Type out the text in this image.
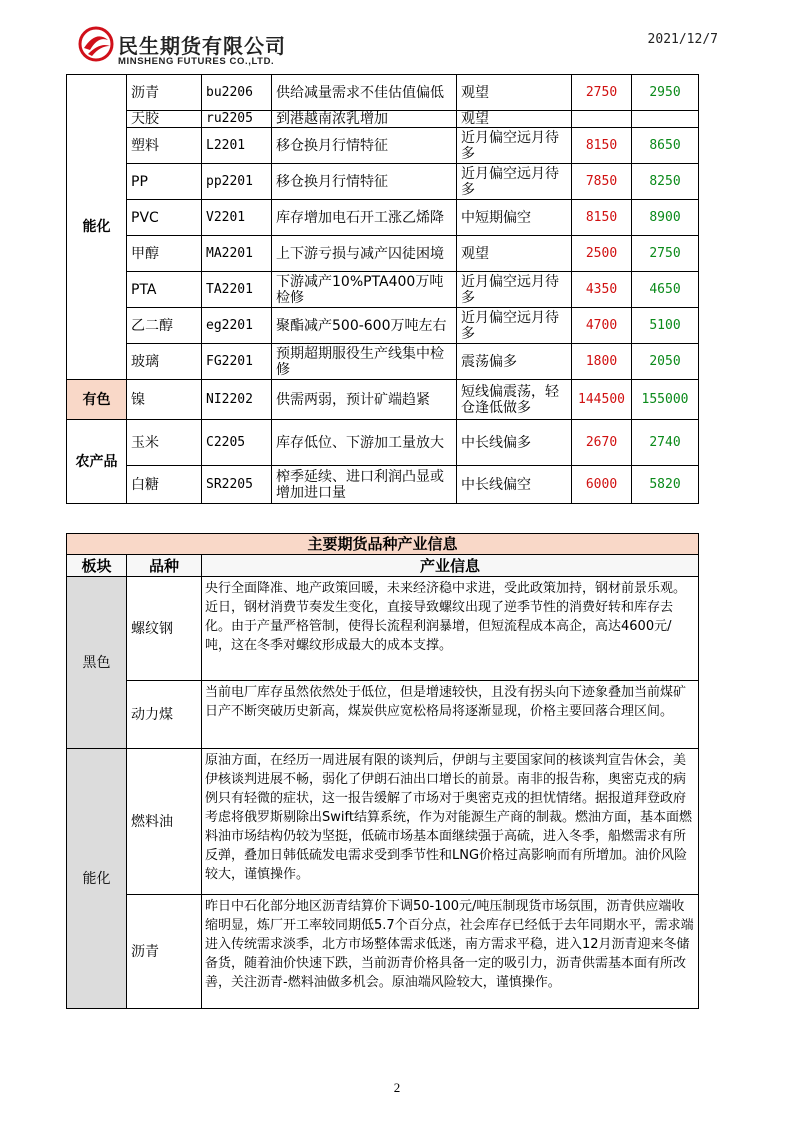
民生期货有限公司
MINSHENG FUTURES CO.,LTD.
2021/12/7
能化	沥青	bu2206	供给减量需求不佳估值偏低	观望	2750	2950
	天胶	ru2205	到港越南浓乳增加	观望		
	塑料	L2201	移仓换月行情特征	近月偏空远月待多	8150	8650
	PP	pp2201	移仓换月行情特征	近月偏空远月待多	7850	8250
	PVC	V2201	库存增加电石开工涨乙烯降	中短期偏空	8150	8900
	甲醇	MA2201	上下游亏损与减产囚徒困境	观望	2500	2750
	PTA	TA2201	下游减产10%PTA400万吨检修	近月偏空远月待多	4350	4650
	乙二醇	eg2201	聚酯减产500-600万吨左右	近月偏空远月待多	4700	5100
	玻璃	FG2201	预期超期服役生产线集中检修	震荡偏多	1800	2050
有色	镍	NI2202	供需两弱，预计矿端趋紧	短线偏震荡，轻仓逢低做多	144500	155000
农产品	玉米	C2205	库存低位、下游加工量放大	中长线偏多	2670	2740
	白糖	SR2205	榨季延续、进口利润凸显或增加进口量	中长线偏空	6000	5820
主要期货品种产业信息		
板块	品种	产业信息
黑色	螺纹钢	央行全面降准、地产政策回暖，未来经济稳中求进，受此政策加持，钢材前景乐观。近日，钢材消费节奏发生变化，直接导致螺纹出现了逆季节性的消费好转和库存去化。由于产量严格管制，使得长流程利润暴增，但短流程成本高企，高达4600元/吨，这在冬季对螺纹形成最大的成本支撑。
	动力煤	当前电厂库存虽然依然处于低位，但是增速较快，且没有拐头向下迹象叠加当前煤矿日产不断突破历史新高，煤炭供应宽松格局将逐渐显现，价格主要回落合理区间。
能化	燃料油	原油方面，在经历一周进展有限的谈判后，伊朗与主要国家间的核谈判宣告休会，美伊核谈判进展不畅，弱化了伊朗石油出口增长的前景。南非的报告称，奥密克戎的病例只有轻微的症状，这一报告缓解了市场对于奥密克戎的担忧情绪。据报道拜登政府考虑将俄罗斯剔除出Swift结算系统，作为对能源生产商的制裁。燃油方面，基本面燃料油市场结构仍较为坚挺，低硫市场基本面继续强于高硫，进入冬季，船燃需求有所反弹，叠加日韩低硫发电需求受到季节性和LNG价格过高影响而有所增加。油价风险较大，谨慎操作。
	沥青	昨日中石化部分地区沥青结算价下调50-100元/吨压制现货市场氛围，沥青供应端收缩明显，炼厂开工率较同期低5.7个百分点，社会库存已经低于去年同期水平，需求端进入传统需求淡季，北方市场整体需求低迷，南方需求平稳，进入12月沥青迎来冬储备货，随着油价快速下跌，当前沥青价格具备一定的吸引力，沥青供需基本面有所改善，关注沥青-燃料油做多机会。原油端风险较大，谨慎操作。
2
